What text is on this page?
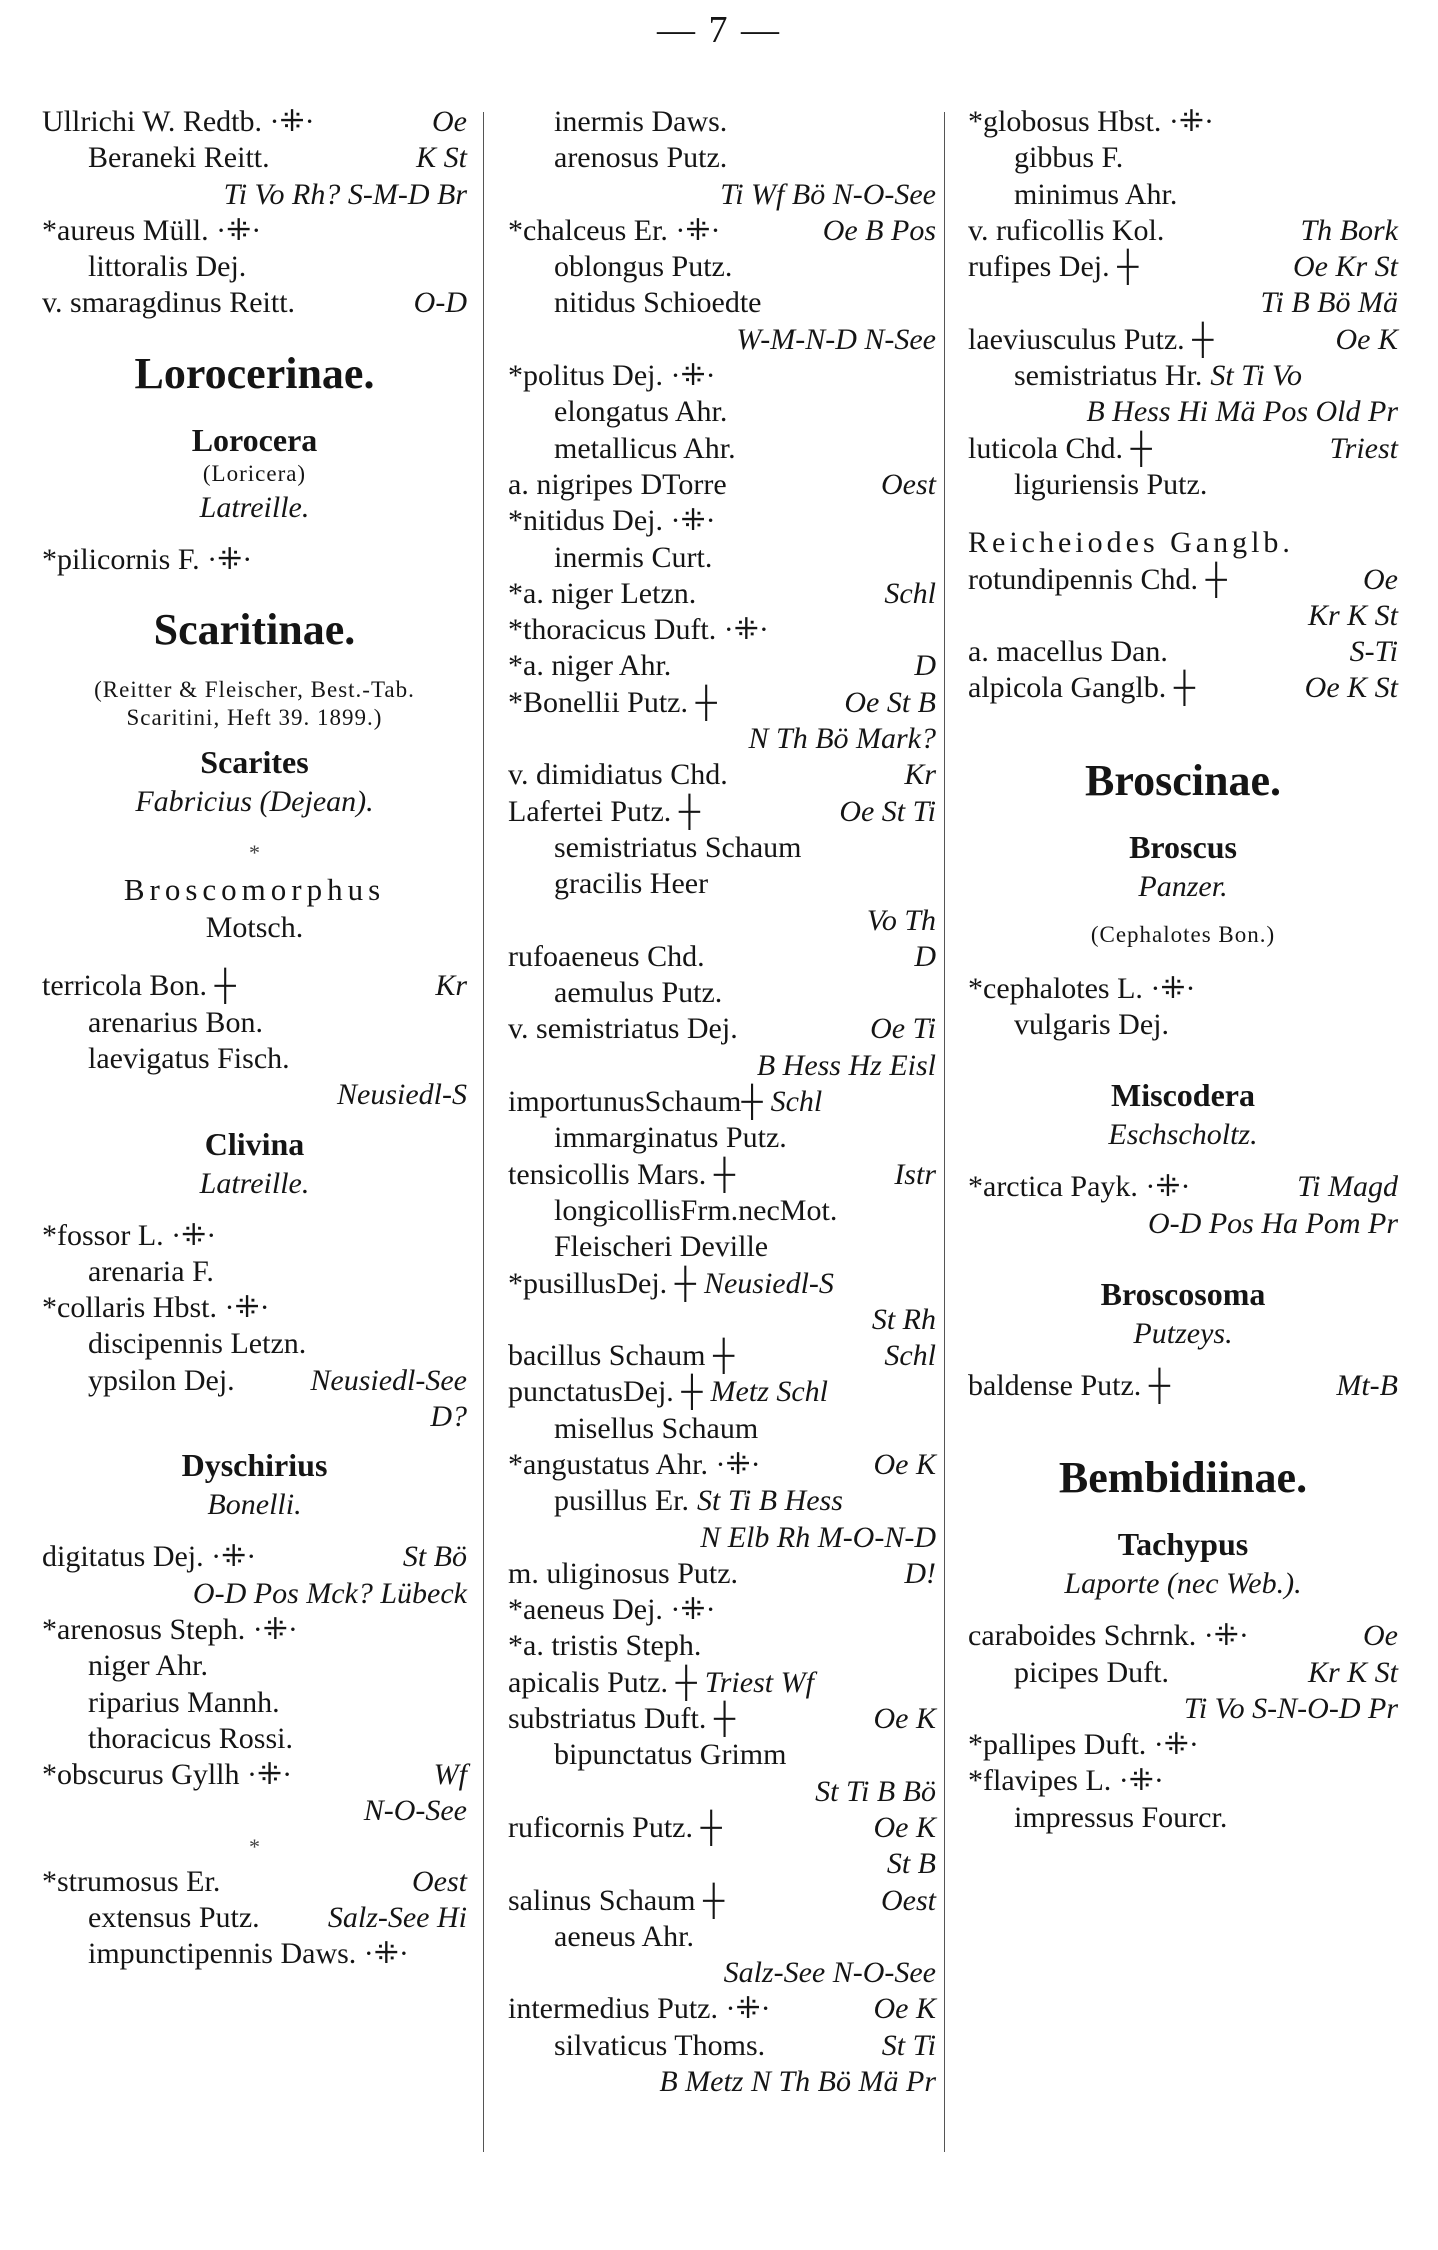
— 7 —
Ullrichi W. Redtb. ·⁜·	Oe
Beraneki Reitt.	K St
Ti Vo Rh? S-M-D Br
*aureus Müll. ·⁜·
littoralis Dej.
v. smaragdinus Reitt.	O-D
Lorocerinae.
Lorocera
(Loricera)
Latreille.
*pilicornis F. ·⁜·
Scaritinae.
(Reitter & Fleischer, Best.-Tab.
Scaritini, Heft 39. 1899.)
Scarites
Fabricius (Dejean).
*
Broscomorphus
Motsch.
terricola Bon. ┼	Kr
arenarius Bon.
laevigatus Fisch.
Neusiedl-S
Clivina
Latreille.
*fossor L. ·⁜·
arenaria F.
*collaris Hbst. ·⁜·
discipennis Letzn.
ypsilon Dej.	Neusiedl-See
D?
Dyschirius
Bonelli.
digitatus Dej. ·⁜·	St Bö
O-D Pos Mck? Lübeck
*arenosus Steph. ·⁜·
niger Ahr.
riparius Mannh.
thoracicus Rossi.
*obscurus Gyllh ·⁜·	Wf
N-O-See
*
*strumosus Er.	Oest
extensus Putz. Salz-See Hi
impunctipennis Daws. ·⁜·
inermis Daws.
arenosus Putz.
Ti Wf Bö N-O-See
*chalceus Er. ·⁜·	Oe B Pos
oblongus Putz.
nitidus Schioedte
W-M-N-D N-See
*politus Dej. ·⁜·
elongatus Ahr.
metallicus Ahr.
a. nigripes DTorre	Oest
*nitidus Dej. ·⁜·
inermis Curt.
*a. niger Letzn.	Schl
*thoracicus Duft. ·⁜·
*a. niger Ahr.	D
*Bonellii Putz. ┼	Oe St B
N Th Bö Mark?
v. dimidiatus Chd.	Kr
Lafertei Putz. ┼	Oe St Ti
semistriatus Schaum
gracilis Heer
Vo Th
rufoaeneus Chd.	D
aemulus Putz.
v. semistriatus Dej.	Oe Ti
B Hess Hz Eisl
importunusSchaum┼ Schl
immarginatus Putz.
tensicollis Mars. ┼	Istr
longicollisFrm.necMot.
Fleischeri Deville
*pusillusDej. ┼ Neusiedl-S
St Rh
bacillus Schaum ┼	Schl
punctatusDej. ┼ Metz Schl
misellus Schaum
*angustatus Ahr. ·⁜·	Oe K
pusillus Er. St Ti B Hess
N Elb Rh M-O-N-D
m. uliginosus Putz.	D!
*aeneus Dej. ·⁜·
*a. tristis Steph.
apicalis Putz. ┼ Triest Wf
substriatus Duft. ┼	Oe K
bipunctatus Grimm
St Ti B Bö
ruficornis Putz. ┼	Oe K
St B
salinus Schaum ┼	Oest
aeneus Ahr.
Salz-See N-O-See
intermedius Putz. ·⁜·	Oe K
silvaticus Thoms.	St Ti
B Metz N Th Bö Mä Pr
*globosus Hbst. ·⁜·
gibbus F.
minimus Ahr.
v. ruficollis Kol.	Th Bork
rufipes Dej. ┼	Oe Kr St
Ti B Bö Mä
laeviusculus Putz. ┼	Oe K
semistriatus Hr. St Ti Vo
B Hess Hi Mä Pos Old Pr
luticola Chd. ┼	Triest
liguriensis Putz.
Reicheiodes Ganglb.
rotundipennis Chd. ┼	Oe
Kr K St
a. macellus Dan.	S-Ti
alpicola Ganglb. ┼	Oe K St
Broscinae.
Broscus
Panzer.
(Cephalotes Bon.)
*cephalotes L. ·⁜·
vulgaris Dej.
Miscodera
Eschscholtz.
*arctica Payk. ·⁜·	Ti Magd
O-D Pos Ha Pom Pr
Broscosoma
Putzeys.
baldense Putz. ┼	Mt-B
Bembidiinae.
Tachypus
Laporte (nec Web.).
caraboides Schrnk. ·⁜·	Oe
picipes Duft.	Kr K St
Ti Vo S-N-O-D Pr
*pallipes Duft. ·⁜·
*flavipes L. ·⁜·
impressus Fourcr.
